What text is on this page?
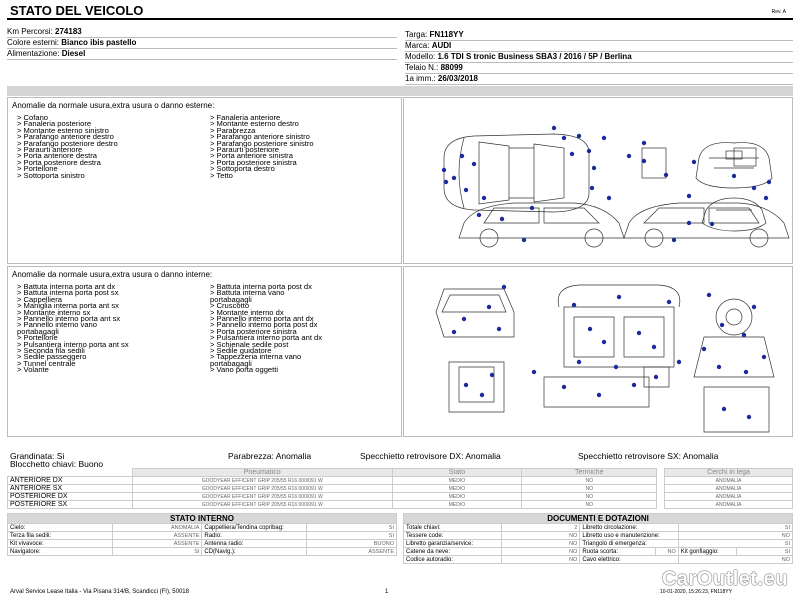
STATO DEL VEICOLO	Rev. A
Km Percorsi: 274183
Colore esterni: Bianco ibis pastello
Alimentazione: Diesel
Targa: FN118YY
Marca: AUDI
Modello: 1.6 TDI S tronic Business SBA3 / 2016 / 5P / Berlina
Telaio N.: 88099
1a imm.: 26/03/2018
Anomalie da normale usura,extra usura o danno esterne:
> Cofano
> Fanaleria posteriore
> Montante esterno sinistro
> Parafango anteriore destro
> Parafango posteriore destro
> Paraurti anteriore
> Porta anteriore destra
> Porta posteriore destra
> Portellone
> Sottoporta sinistro
> Fanaleria anteriore
> Montante esterno destro
> Parabrezza
> Parafango anteriore sinistro
> Parafango posteriore sinistro
> Paraurti posteriore
> Porta anteriore sinistra
> Porta posteriore sinistra
> Sottoporta destro
> Tetto
Anomalie da normale usura,extra usura o danno interne:
> Battuta interna porta ant dx
> Battuta interna porta post sx
> Cappelliera
> Maniglia interna porta ant sx
> Montante interno sx
> Pannello interno porta ant sx
> Pannello interno vano
portabagagli
> Portellone
> Pulsantiera interno porta ant sx
> Seconda fila sedili
> Sedile passeggero
> Tunnel centrale
> Volante
> Battuta interna porta post dx
> Battuta interna vano
portabagagli
> Cruscotto
> Montante interno dx
> Pannello interno porta ant dx
> Pannello interno porta post dx
> Porta posteriore sinistra
> Pulsantiera interno porta ant dx
> Schienale sedile post
> Sedile guidatore
> Tappezzeria interna vano
portabagagli
> Vano porta oggetti
Grandinata: Si	Parabrezza: Anomalia	Specchietto retrovisore DX: Anomalia	Specchietto retrovisore SX: Anomalia
Blocchetto chiavi: Buono
	Pneumatico	Stato	Termiche		Cerchi in lega
ANTERIORE DX	GOODYEAR EFFICENT GRIP 205/55 R16 000/091 W	MEDIO	NO		ANOMALIA
ANTERIORE SX	GOODYEAR EFFICENT GRIP 205/55 R16 000/091 W	MEDIO	NO		ANOMALIA
POSTERIORE DX	GOODYEAR EFFICENT GRIP 205/55 R16 000/091 W	MEDIO	NO		ANOMALIA
POSTERIORE SX	GOODYEAR EFFICENT GRIP 205/55 R16 000/091 W	MEDIO	NO		ANOMALIA
STATO INTERNO			
Cielo:	ANOMALIA	Cappelliera/Tendina copribag:	SI
Terza fila sedili:	ASSENTE	Radio:	SI
Kit vivavoce:	ASSENTE	Antenna radio:	BUONO
Navigatore:	SI	CD(Navig.):	ASSENTE
DOCUMENTI E DOTAZIONI					
Totale chiavi:	2	Libretto circolazione:		SI	
Tessere code:	NO	Libretto uso e manutenzione:		NO	
Libretto garanzia/service:	NO	Triangolo di emergenza:		SI	
Catene da neve:	NO	Ruota scorta:	NO	Kit gonfiaggio:	SI
Codice autoradio:	NO	Cavo elettrico:		NO	
CarOutlet.eu
Arval Service Lease Italia - Via Pisana 314/B, Scandicci (FI), 50018	1	10-01-2020, 15:26:23, FN118YY
